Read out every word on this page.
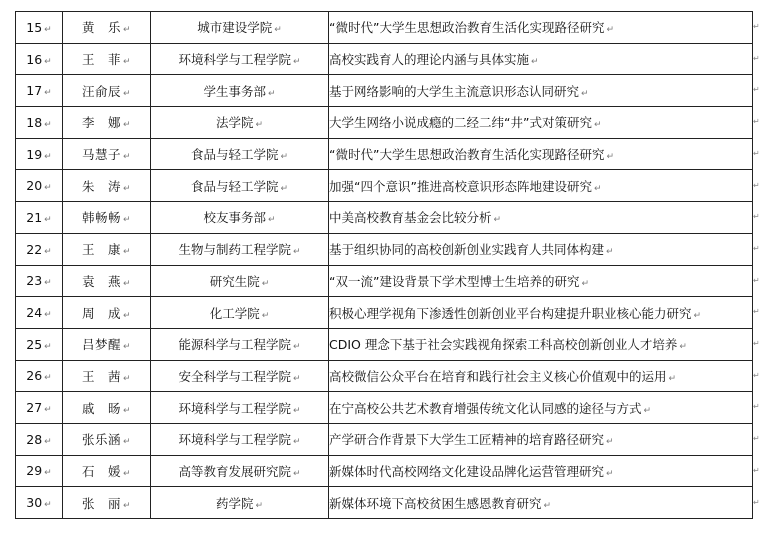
15 ↵	黄　乐 ↵	城市建设学院 ↵	“微时代”大学生思想政治教育生活化实现路径研究 ↵
16 ↵	王　菲 ↵	环境科学与工程学院 ↵	高校实践育人的理论内涵与具体实施 ↵
17 ↵	汪俞辰 ↵	学生事务部 ↵	基于网络影响的大学生主流意识形态认同研究 ↵
18 ↵	李　娜 ↵	法学院 ↵	大学生网络小说成瘾的二经二纬“井”式对策研究 ↵
19 ↵	马慧子 ↵	食品与轻工学院 ↵	“微时代”大学生思想政治教育生活化实现路径研究 ↵
20 ↵	朱　涛 ↵	食品与轻工学院 ↵	加强“四个意识”推进高校意识形态阵地建设研究 ↵
21 ↵	韩畅畅 ↵	校友事务部 ↵	中美高校教育基金会比较分析 ↵
22 ↵	王　康 ↵	生物与制药工程学院 ↵	基于组织协同的高校创新创业实践育人共同体构建 ↵
23 ↵	袁　燕 ↵	研究生院 ↵	“双一流”建设背景下学术型博士生培养的研究 ↵
24 ↵	周　成 ↵	化工学院 ↵	积极心理学视角下渗透性创新创业平台构建提升职业核心能力研究 ↵
25 ↵	吕梦醒 ↵	能源科学与工程学院 ↵	CDIO 理念下基于社会实践视角探索工科高校创新创业人才培养 ↵
26 ↵	王　茜 ↵	安全科学与工程学院 ↵	高校微信公众平台在培育和践行社会主义核心价值观中的运用 ↵
27 ↵	戚　旸 ↵	环境科学与工程学院 ↵	在宁高校公共艺术教育增强传统文化认同感的途径与方式 ↵
28 ↵	张乐涵 ↵	环境科学与工程学院 ↵	产学研合作背景下大学生工匠精神的培育路径研究 ↵
29 ↵	石　媛 ↵	高等教育发展研究院 ↵	新媒体时代高校网络文化建设品牌化运营管理研究 ↵
30 ↵	张　丽 ↵	药学院 ↵	新媒体环境下高校贫困生感恩教育研究 ↵
↵
↵
↵
↵
↵
↵
↵
↵
↵
↵
↵
↵
↵
↵
↵
↵
